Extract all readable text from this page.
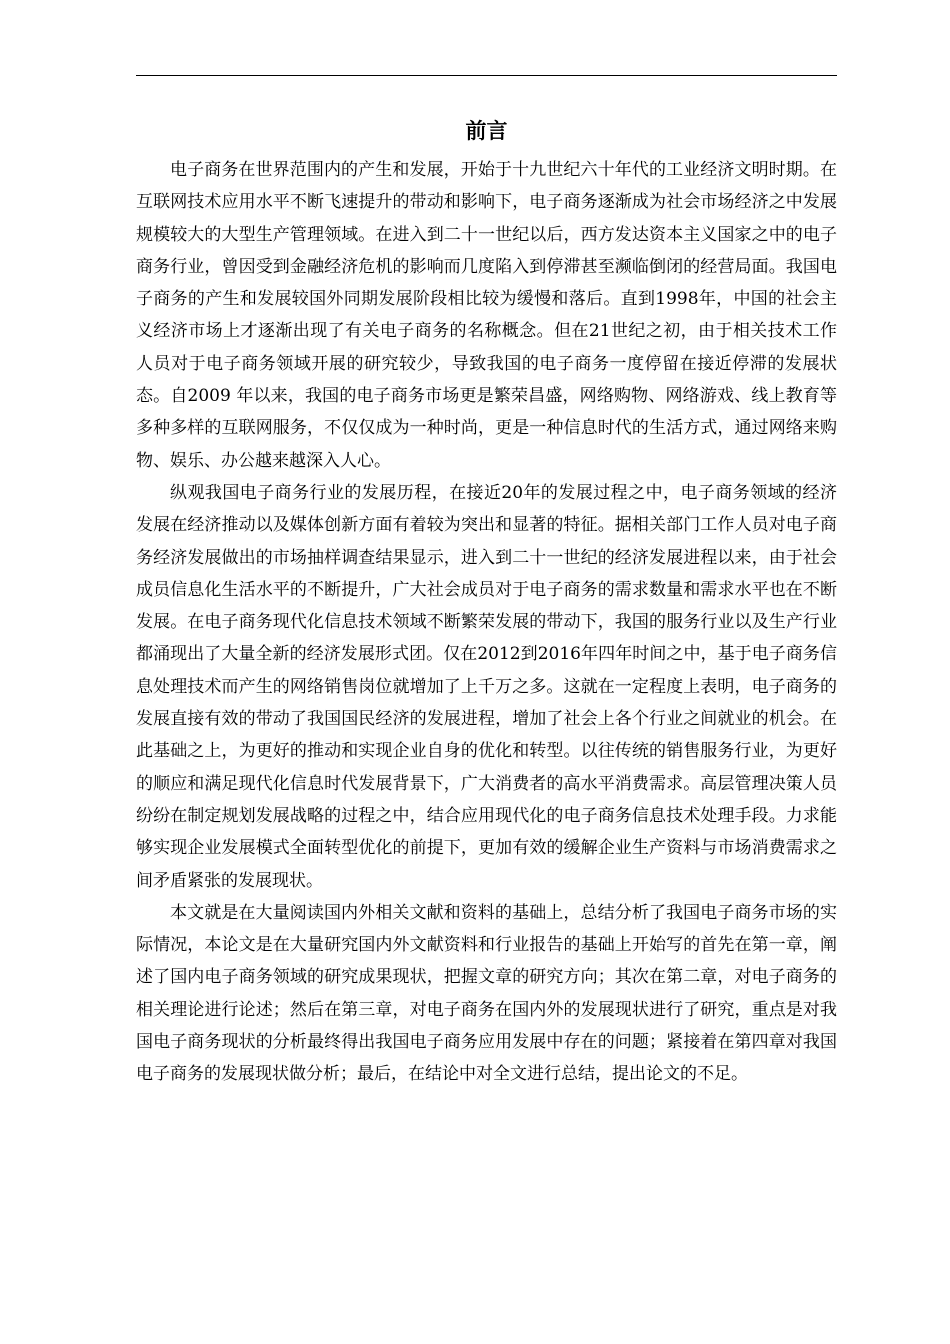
前言

电子商务在世界范围内的产生和发展，开始于十九世纪六十年代的工业经济文明时期。在互联网技术应用水平不断飞速提升的带动和影响下，电子商务逐渐成为社会市场经济之中发展规模较大的大型生产管理领域。在进入到二十一世纪以后，西方发达资本主义国家之中的电子商务行业，曾因受到金融经济危机的影响而几度陷入到停滞甚至濒临倒闭的经营局面。我国电子商务的产生和发展较国外同期发展阶段相比较为缓慢和落后。直到1998年，中国的社会主义经济市场上才逐渐出现了有关电子商务的名称概念。但在21世纪之初，由于相关技术工作人员对于电子商务领域开展的研究较少，导致我国的电子商务一度停留在接近停滞的发展状态。自2009 年以来，我国的电子商务市场更是繁荣昌盛，网络购物、网络游戏、线上教育等多种多样的互联网服务，不仅仅成为一种时尚，更是一种信息时代的生活方式，通过网络来购物、娱乐、办公越来越深入人心。

纵观我国电子商务行业的发展历程，在接近20年的发展过程之中，电子商务领域的经济发展在经济推动以及媒体创新方面有着较为突出和显著的特征。据相关部门工作人员对电子商务经济发展做出的市场抽样调查结果显示，进入到二十一世纪的经济发展进程以来，由于社会成员信息化生活水平的不断提升，广大社会成员对于电子商务的需求数量和需求水平也在不断发展。在电子商务现代化信息技术领域不断繁荣发展的带动下，我国的服务行业以及生产行业都涌现出了大量全新的经济发展形式团。仅在2012到2016年四年时间之中，基于电子商务信息处理技术而产生的网络销售岗位就增加了上千万之多。这就在一定程度上表明，电子商务的发展直接有效的带动了我国国民经济的发展进程，增加了社会上各个行业之间就业的机会。在此基础之上，为更好的推动和实现企业自身的优化和转型。以往传统的销售服务行业，为更好的顺应和满足现代化信息时代发展背景下，广大消费者的高水平消费需求。高层管理决策人员纷纷在制定规划发展战略的过程之中，结合应用现代化的电子商务信息技术处理手段。力求能够实现企业发展模式全面转型优化的前提下，更加有效的缓解企业生产资料与市场消费需求之间矛盾紧张的发展现状。

本文就是在大量阅读国内外相关文献和资料的基础上，总结分析了我国电子商务市场的实际情况，本论文是在大量研究国内外文献资料和行业报告的基础上开始写的首先在第一章，阐述了国内电子商务领域的研究成果现状，把握文章的研究方向；其次在第二章，对电子商务的相关理论进行论述；然后在第三章，对电子商务在国内外的发展现状进行了研究，重点是对我国电子商务现状的分析最终得出我国电子商务应用发展中存在的问题；紧接着在第四章对我国电子商务的发展现状做分析；最后，在结论中对全文进行总结，提出论文的不足。
